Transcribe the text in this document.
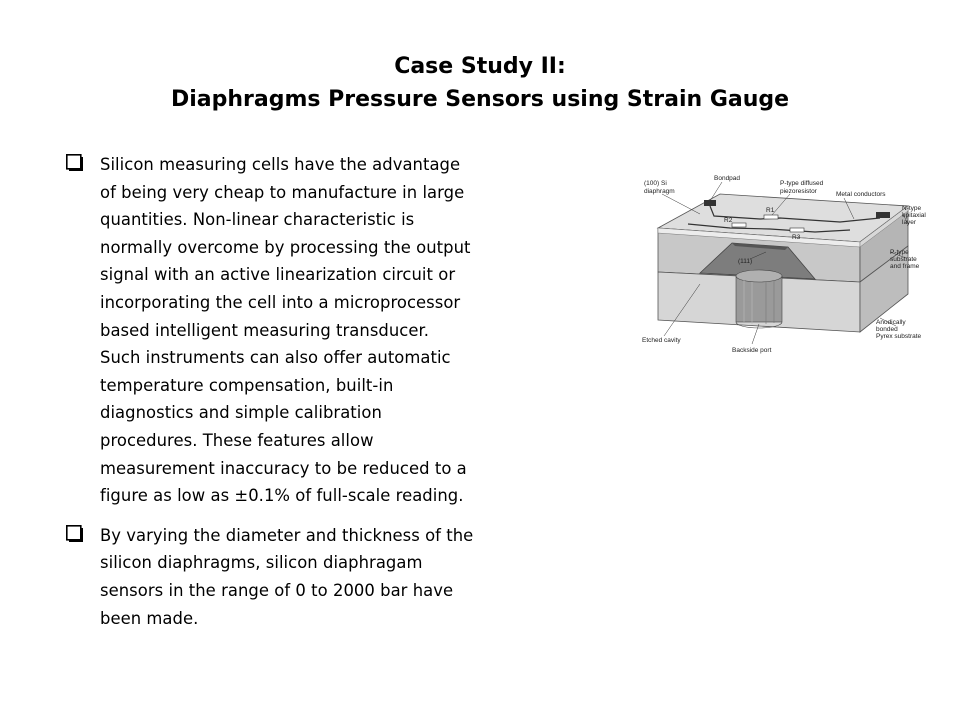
Case Study II:
Diaphragms Pressure Sensors using Strain Gauge
Silicon measuring cells have the advantage
of being very cheap to manufacture in large
quantities. Non-linear characteristic is
normally overcome by processing the output
signal with an active linearization circuit or
incorporating the cell into a microprocessor
based intelligent measuring transducer.
Such instruments can also offer automatic
temperature compensation, built-in
diagnostics and simple calibration
procedures. These features allow
measurement inaccuracy to be reduced to a
figure as low as ±0.1% of full-scale reading.
By varying the diameter and thickness of the
silicon diaphragms, silicon diaphragam
sensors in the range of 0 to 2000 bar have
been made.
(100) Si
diaphragm
Bondpad
P-type diffused
piezoresistor	Metal conductors
N-type
epitaxial
layer
P-type
substrate
and frame
R1
R2
R3
(111)
Etched cavity
Backside port
Anodically
bonded
Pyrex substrate
